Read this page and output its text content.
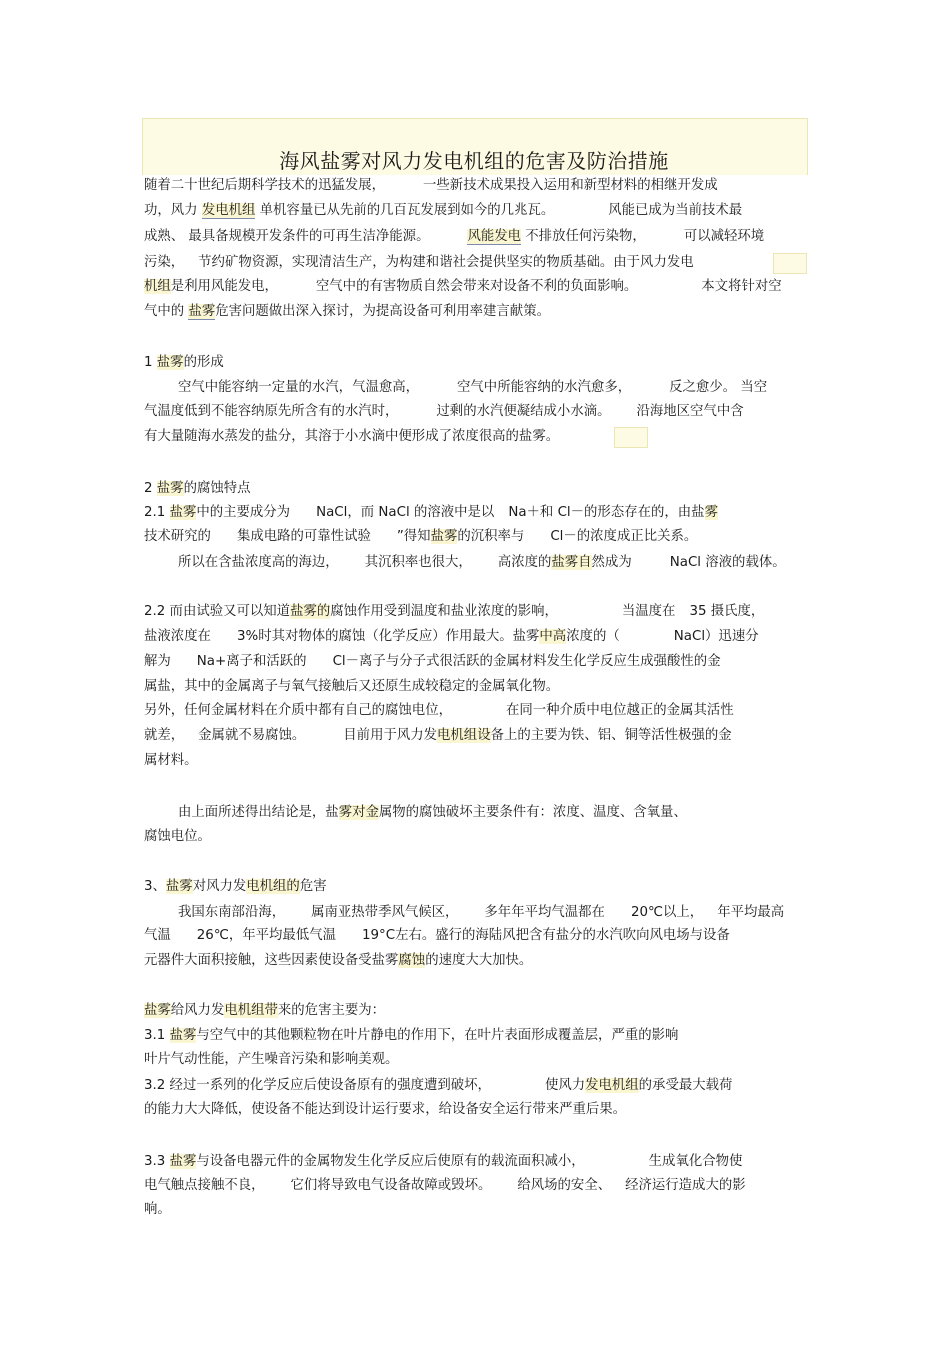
海风盐雾对风力发电机组的危害及防治措施
随着二十世纪后期科学技术的迅猛发展，	一些新技术成果投入运用和新型材料的相继开发成
功，风力 发电机组 单机容量已从先前的几百瓦发展到如今的几兆瓦。	风能已成为当前技术最
成熟、 最具备规模开发条件的可再生洁净能源。	风能发电 不排放任何污染物，	可以减轻环境
污染， 节约矿物资源，实现清洁生产，为构建和谐社会提供坚实的物质基础。由于风力发电
机组是利用风能发电，	空气中的有害物质自然会带来对设备不利的负面影响。	本文将针对空
气中的 盐雾危害问题做出深入探讨，为提高设备可利用率建言献策。
1 盐雾的形成
空气中能容纳一定量的水汽，气温愈高，	空气中所能容纳的水汽愈多，	反之愈少。 当空
气温度低到不能容纳原先所含有的水汽时，	过剩的水汽便凝结成小水滴。 沿海地区空气中含
有大量随海水蒸发的盐分，其溶于小水滴中便形成了浓度很高的盐雾。
2 盐雾的腐蚀特点
2.1 盐雾中的主要成分为 NaCl，而 NaCl 的溶液中是以 Na＋和 Cl－的形态存在的，由盐雾
技术研究的 集成电路的可靠性试验 ”得知盐雾的沉积率与 Cl－的浓度成正比关系。
所以在含盐浓度高的海边， 其沉积率也很大， 高浓度的盐雾自然成为	NaCl 溶液的载体。
2.2 而由试验又可以知道盐雾的腐蚀作用受到温度和盐业浓度的影响，	当温度在 35 摄氏度，
盐液浓度在 3%时其对物体的腐蚀（化学反应）作用最大。盐雾中高浓度的（	NaCl）迅速分
解为 Na+离子和活跃的 Cl－离子与分子式很活跃的金属材料发生化学反应生成强酸性的金
属盐，其中的金属离子与氧气接触后又还原生成较稳定的金属氧化物。
另外，任何金属材料在介质中都有自己的腐蚀电位，	在同一种介质中电位越正的金属其活性
就差， 金属就不易腐蚀。	目前用于风力发电机组设备上的主要为铁、铝、铜等活性极强的金
属材料。
由上面所述得出结论是，盐雾对金属物的腐蚀破坏主要条件有：浓度、温度、含氧量、
腐蚀电位。
3、盐雾对风力发电机组的危害
我国东南部沿海， 属南亚热带季风气候区， 多年年平均气温都在 20℃以上， 年平均最高
气温 26℃，年平均最低气温 19°C左右。盛行的海陆风把含有盐分的水汽吹向风电场与设备
元器件大面积接触，这些因素使设备受盐雾腐蚀的速度大大加快。
盐雾给风力发电机组带来的危害主要为：
3.1 盐雾与空气中的其他颗粒物在叶片静电的作用下，在叶片表面形成覆盖层，严重的影响
叶片气动性能，产生噪音污染和影响美观。
3.2 经过一系列的化学反应后使设备原有的强度遭到破坏，	使风力发电机组的承受最大载荷
的能力大大降低，使设备不能达到设计运行要求，给设备安全运行带来严重后果。
3.3 盐雾与设备电器元件的金属物发生化学反应后使原有的载流面积减小，	生成氧化合物使
电气触点接触不良， 它们将导致电气设备故障或毁坏。 给风场的安全、 经济运行造成大的影
响。
